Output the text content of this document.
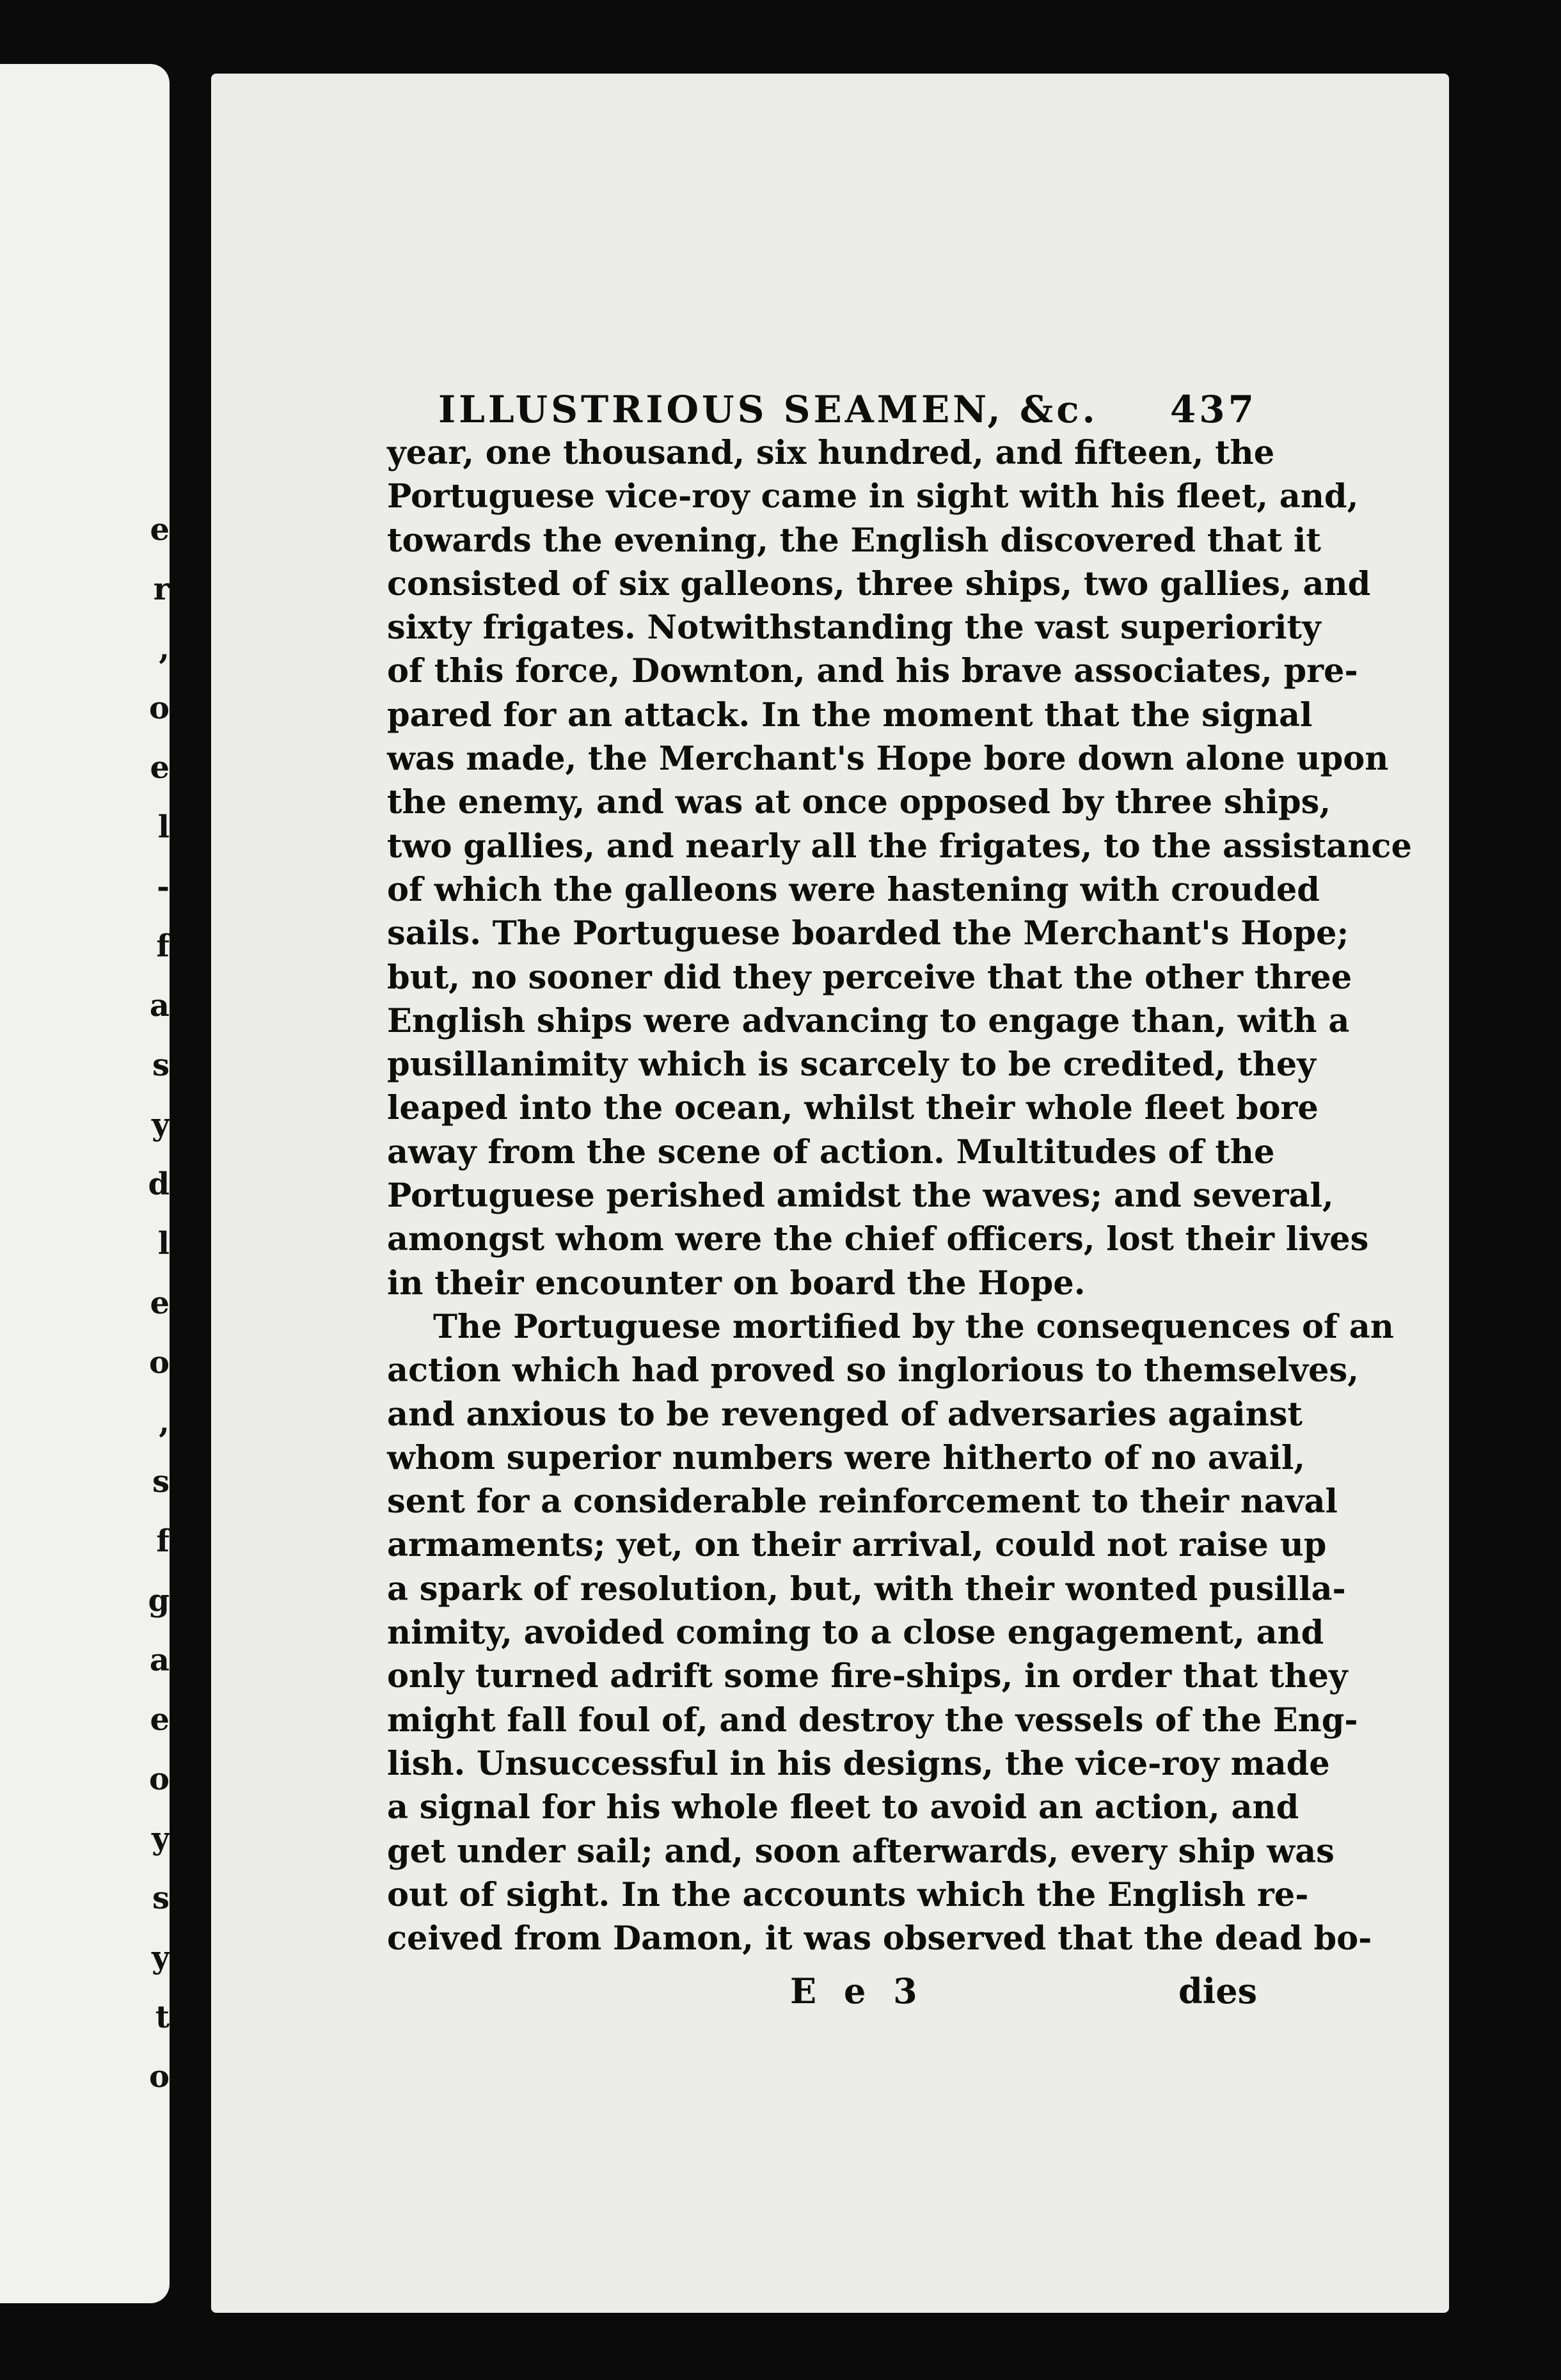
e
r
,
o
e
l
-
f
a
s
y
d
l
e
o
,
s
f
g
a
e
o
y
s
y
t
o
ILLUSTRIOUS SEAMEN, &c. 437
year, one thousand, six hundred, and fifteen, the
Portuguese vice-roy came in sight with his fleet, and,
towards the evening, the English discovered that it
consisted of six galleons, three ships, two gallies, and
sixty frigates. Notwithstanding the vast superiority
of this force, Downton, and his brave associates, pre-
pared for an attack. In the moment that the signal
was made, the Merchant's Hope bore down alone upon
the enemy, and was at once opposed by three ships,
two gallies, and nearly all the frigates, to the assistance
of which the galleons were hastening with crouded
sails. The Portuguese boarded the Merchant's Hope;
but, no sooner did they perceive that the other three
English ships were advancing to engage than, with a
pusillanimity which is scarcely to be credited, they
leaped into the ocean, whilst their whole fleet bore
away from the scene of action. Multitudes of the
Portuguese perished amidst the waves; and several,
amongst whom were the chief officers, lost their lives
in their encounter on board the Hope.
The Portuguese mortified by the consequences of an
action which had proved so inglorious to themselves,
and anxious to be revenged of adversaries against
whom superior numbers were hitherto of no avail,
sent for a considerable reinforcement to their naval
armaments; yet, on their arrival, could not raise up
a spark of resolution, but, with their wonted pusilla-
nimity, avoided coming to a close engagement, and
only turned adrift some fire-ships, in order that they
might fall foul of, and destroy the vessels of the Eng-
lish. Unsuccessful in his designs, the vice-roy made
a signal for his whole fleet to avoid an action, and
get under sail; and, soon afterwards, every ship was
out of sight. In the accounts which the English re-
ceived from Damon, it was observed that the dead bo-
E e 3	dies
